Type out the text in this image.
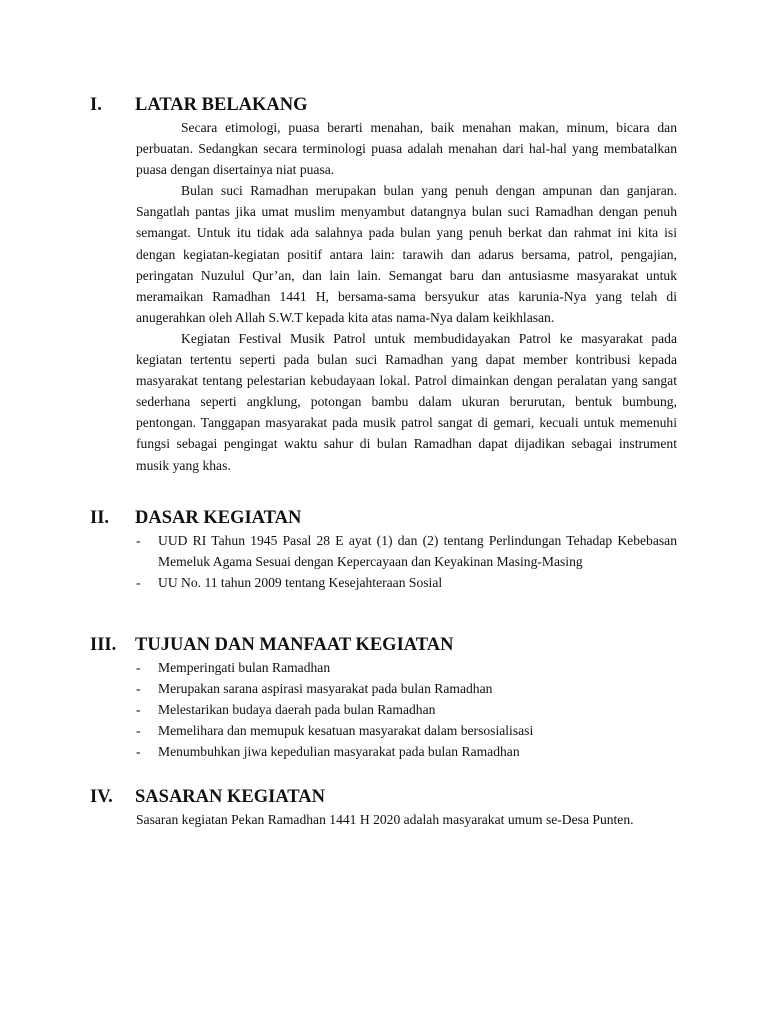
I. LATAR BELAKANG

Secara etimologi, puasa berarti menahan, baik menahan makan, minum, bicara dan perbuatan. Sedangkan secara terminologi puasa adalah menahan dari hal-hal yang membatalkan puasa dengan disertainya niat puasa.

Bulan suci Ramadhan merupakan bulan yang penuh dengan ampunan dan ganjaran. Sangatlah pantas jika umat muslim menyambut datangnya bulan suci Ramadhan dengan penuh semangat. Untuk itu tidak ada salahnya pada bulan yang penuh berkat dan rahmat ini kita isi dengan kegiatan-kegiatan positif antara lain: tarawih dan adarus bersama, patrol, pengajian, peringatan Nuzulul Qur’an, dan lain lain. Semangat baru dan antusiasme masyarakat untuk meramaikan Ramadhan 1441 H, bersama-sama bersyukur atas karunia-Nya yang telah di anugerahkan oleh Allah S.W.T kepada kita atas nama-Nya dalam keikhlasan.

Kegiatan Festival Musik Patrol untuk membudidayakan Patrol ke masyarakat pada kegiatan tertentu seperti pada bulan suci Ramadhan yang dapat member kontribusi kepada masyarakat tentang pelestarian kebudayaan lokal. Patrol dimainkan dengan peralatan yang sangat sederhana seperti angklung, potongan bambu dalam ukuran berurutan, bentuk bumbung, pentongan. Tanggapan masyarakat pada musik patrol sangat di gemari, kecuali untuk memenuhi fungsi sebagai pengingat waktu sahur di bulan Ramadhan dapat dijadikan sebagai instrument musik yang khas.

II. DASAR KEGIATAN
- UUD RI Tahun 1945 Pasal 28 E ayat (1) dan (2) tentang Perlindungan Tehadap Kebebasan Memeluk Agama Sesuai dengan Kepercayaan dan Keyakinan Masing-Masing
- UU No. 11 tahun 2009 tentang Kesejahteraan Sosial
III. TUJUAN DAN MANFAAT KEGIATAN
- Memperingati bulan Ramadhan
- Merupakan sarana aspirasi masyarakat pada bulan Ramadhan
- Melestarikan budaya daerah pada bulan Ramadhan
- Memelihara dan memupuk kesatuan masyarakat dalam bersosialisasi
- Menumbuhkan jiwa kepedulian masyarakat pada bulan Ramadhan
IV. SASARAN KEGIATAN

Sasaran kegiatan Pekan Ramadhan 1441 H 2020 adalah masyarakat umum se-Desa Punten.
